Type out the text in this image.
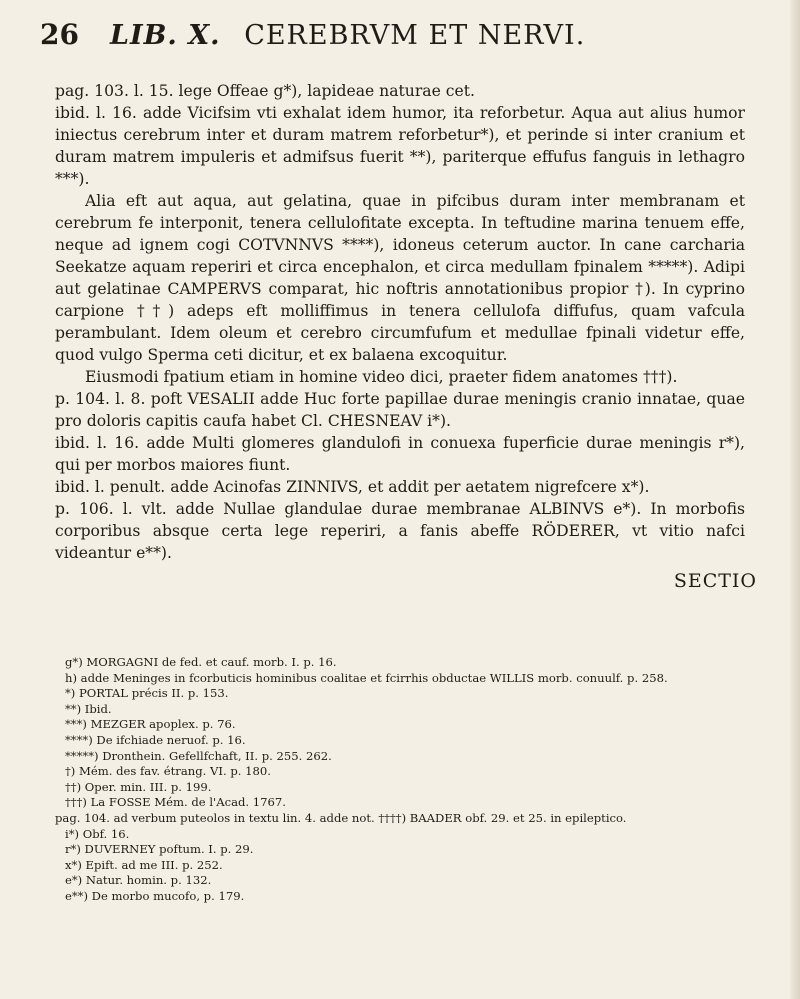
26	LIB. X. CEREBRVM ET NERVI.

pag. 103. l. 15. lege Offeae g*), lapideae naturae cet.

ibid. l. 16. adde Vicifsim vti exhalat idem humor, ita reforbetur. Aqua aut alius humor iniectus cerebrum inter et duram matrem reforbetur*), et perinde si inter cranium et duram matrem impuleris et admifsus fuerit **), pariterque effufus fanguis in lethagro ***).

Alia eft aut aqua, aut gelatina, quae in pifcibus duram inter membranam et cerebrum fe interponit, tenera cellulofitate excepta. In teftudine marina tenuem effe, neque ad ignem cogi COTVNNVS ****), idoneus ceterum auctor. In cane carcharia Seekatze aquam reperiri et circa encephalon, et circa medullam fpinalem *****). Adipi aut gelatinae CAMPERVS comparat, hic noftris annotationibus propior †). In cyprino carpione ††) adeps eft molliffimus in tenera cellulofa diffufus, quam vafcula perambulant. Idem oleum et cerebro circumfufum et medullae fpinali videtur effe, quod vulgo Sperma ceti dicitur, et ex balaena excoquitur.

Eiusmodi fpatium etiam in homine video dici, praeter fidem anatomes †††).

p. 104. l. 8. poft VESALII adde Huc forte papillae durae meningis cranio innatae, quae pro doloris capitis caufa habet Cl. CHESNEAV i*).

ibid. l. 16. adde Multi glomeres glandulofi in conuexa fuperficie durae meningis r*), qui per morbos maiores fiunt.

ibid. l. penult. adde Acinofas ZINNIVS, et addit per aetatem nigrefcere x*).

p. 106. l. vlt. adde Nullae glandulae durae membranae ALBINVS e*). In morbofis corporibus absque certa lege reperiri, a fanis abeffe RÖDERER, vt vitio nafci videantur e**).

SECTIO

g*) MORGAGNI de fed. et cauf. morb. I. p. 16.

h) adde Meninges in fcorbuticis hominibus coalitae et fcirrhis obductae WILLIS morb. conuulf. p. 258.

*) PORTAL précis II. p. 153.

**) Ibid.

***) MEZGER apoplex. p. 76.

****) De ifchiade neruof. p. 16.

*****) Dronthein. Gefellfchaft, II. p. 255. 262.

†) Mém. des fav. étrang. VI. p. 180.

††) Oper. min. III. p. 199.

†††) La FOSSE Mém. de l'Acad. 1767.

pag. 104. ad verbum puteolos in textu lin. 4. adde not. ††††) BAADER obf. 29. et 25. in epileptico.

i*) Obf. 16.

r*) DUVERNEY poftum. I. p. 29.

x*) Epift. ad me III. p. 252.

e*) Natur. homin. p. 132.

e**) De morbo mucofo, p. 179.
